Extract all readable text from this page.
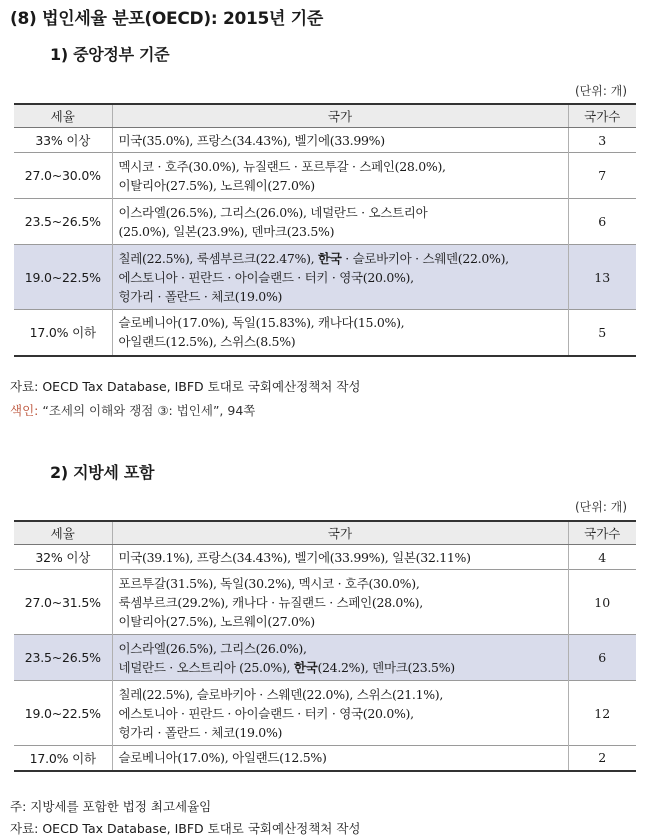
(8) 법인세율 분포(OECD): 2015년 기준
1) 중앙정부 기준
(단위: 개)
세율	국가	국가수
33% 이상	미국(35.0%), 프랑스(34.43%), 벨기에(33.99%)	3
27.0~30.0%	멕시코 · 호주(30.0%), 뉴질랜드 · 포르투갈 · 스페인(28.0%),
이탈리아(27.5%), 노르웨이(27.0%)	7
23.5~26.5%	이스라엘(26.5%), 그리스(26.0%), 네덜란드 · 오스트리아
(25.0%), 일본(23.9%), 덴마크(23.5%)	6
19.0~22.5%	칠레(22.5%), 룩셈부르크(22.47%), 한국 · 슬로바키아 · 스웨덴(22.0%),
에스토니아 · 핀란드 · 아이슬랜드 · 터키 · 영국(20.0%),
헝가리 · 폴란드 · 체코(19.0%)	13
17.0% 이하	슬로베니아(17.0%), 독일(15.83%), 캐나다(15.0%),
아일랜드(12.5%), 스위스(8.5%)	5
자료: OECD Tax Database, IBFD 토대로 국회예산정책처 작성
색인: “조세의 이해와 쟁점 ③: 법인세”, 94쪽
2) 지방세 포함
(단위: 개)
세율	국가	국가수
32% 이상	미국(39.1%), 프랑스(34.43%), 벨기에(33.99%), 일본(32.11%)	4
27.0~31.5%	포르투갈(31.5%), 독일(30.2%), 멕시코 · 호주(30.0%),
룩셈부르크(29.2%), 캐나다 · 뉴질랜드 · 스페인(28.0%),
이탈리아(27.5%), 노르웨이(27.0%)	10
23.5~26.5%	이스라엘(26.5%), 그리스(26.0%),
네덜란드 · 오스트리아 (25.0%), 한국(24.2%), 덴마크(23.5%)	6
19.0~22.5%	칠레(22.5%), 슬로바키아 · 스웨덴(22.0%), 스위스(21.1%),
에스토니아 · 핀란드 · 아이슬랜드 · 터키 · 영국(20.0%),
헝가리 · 폴란드 · 체코(19.0%)	12
17.0% 이하	슬로베니아(17.0%), 아일랜드(12.5%)	2
주: 지방세를 포함한 법정 최고세율임
자료: OECD Tax Database, IBFD 토대로 국회예산정책처 작성
